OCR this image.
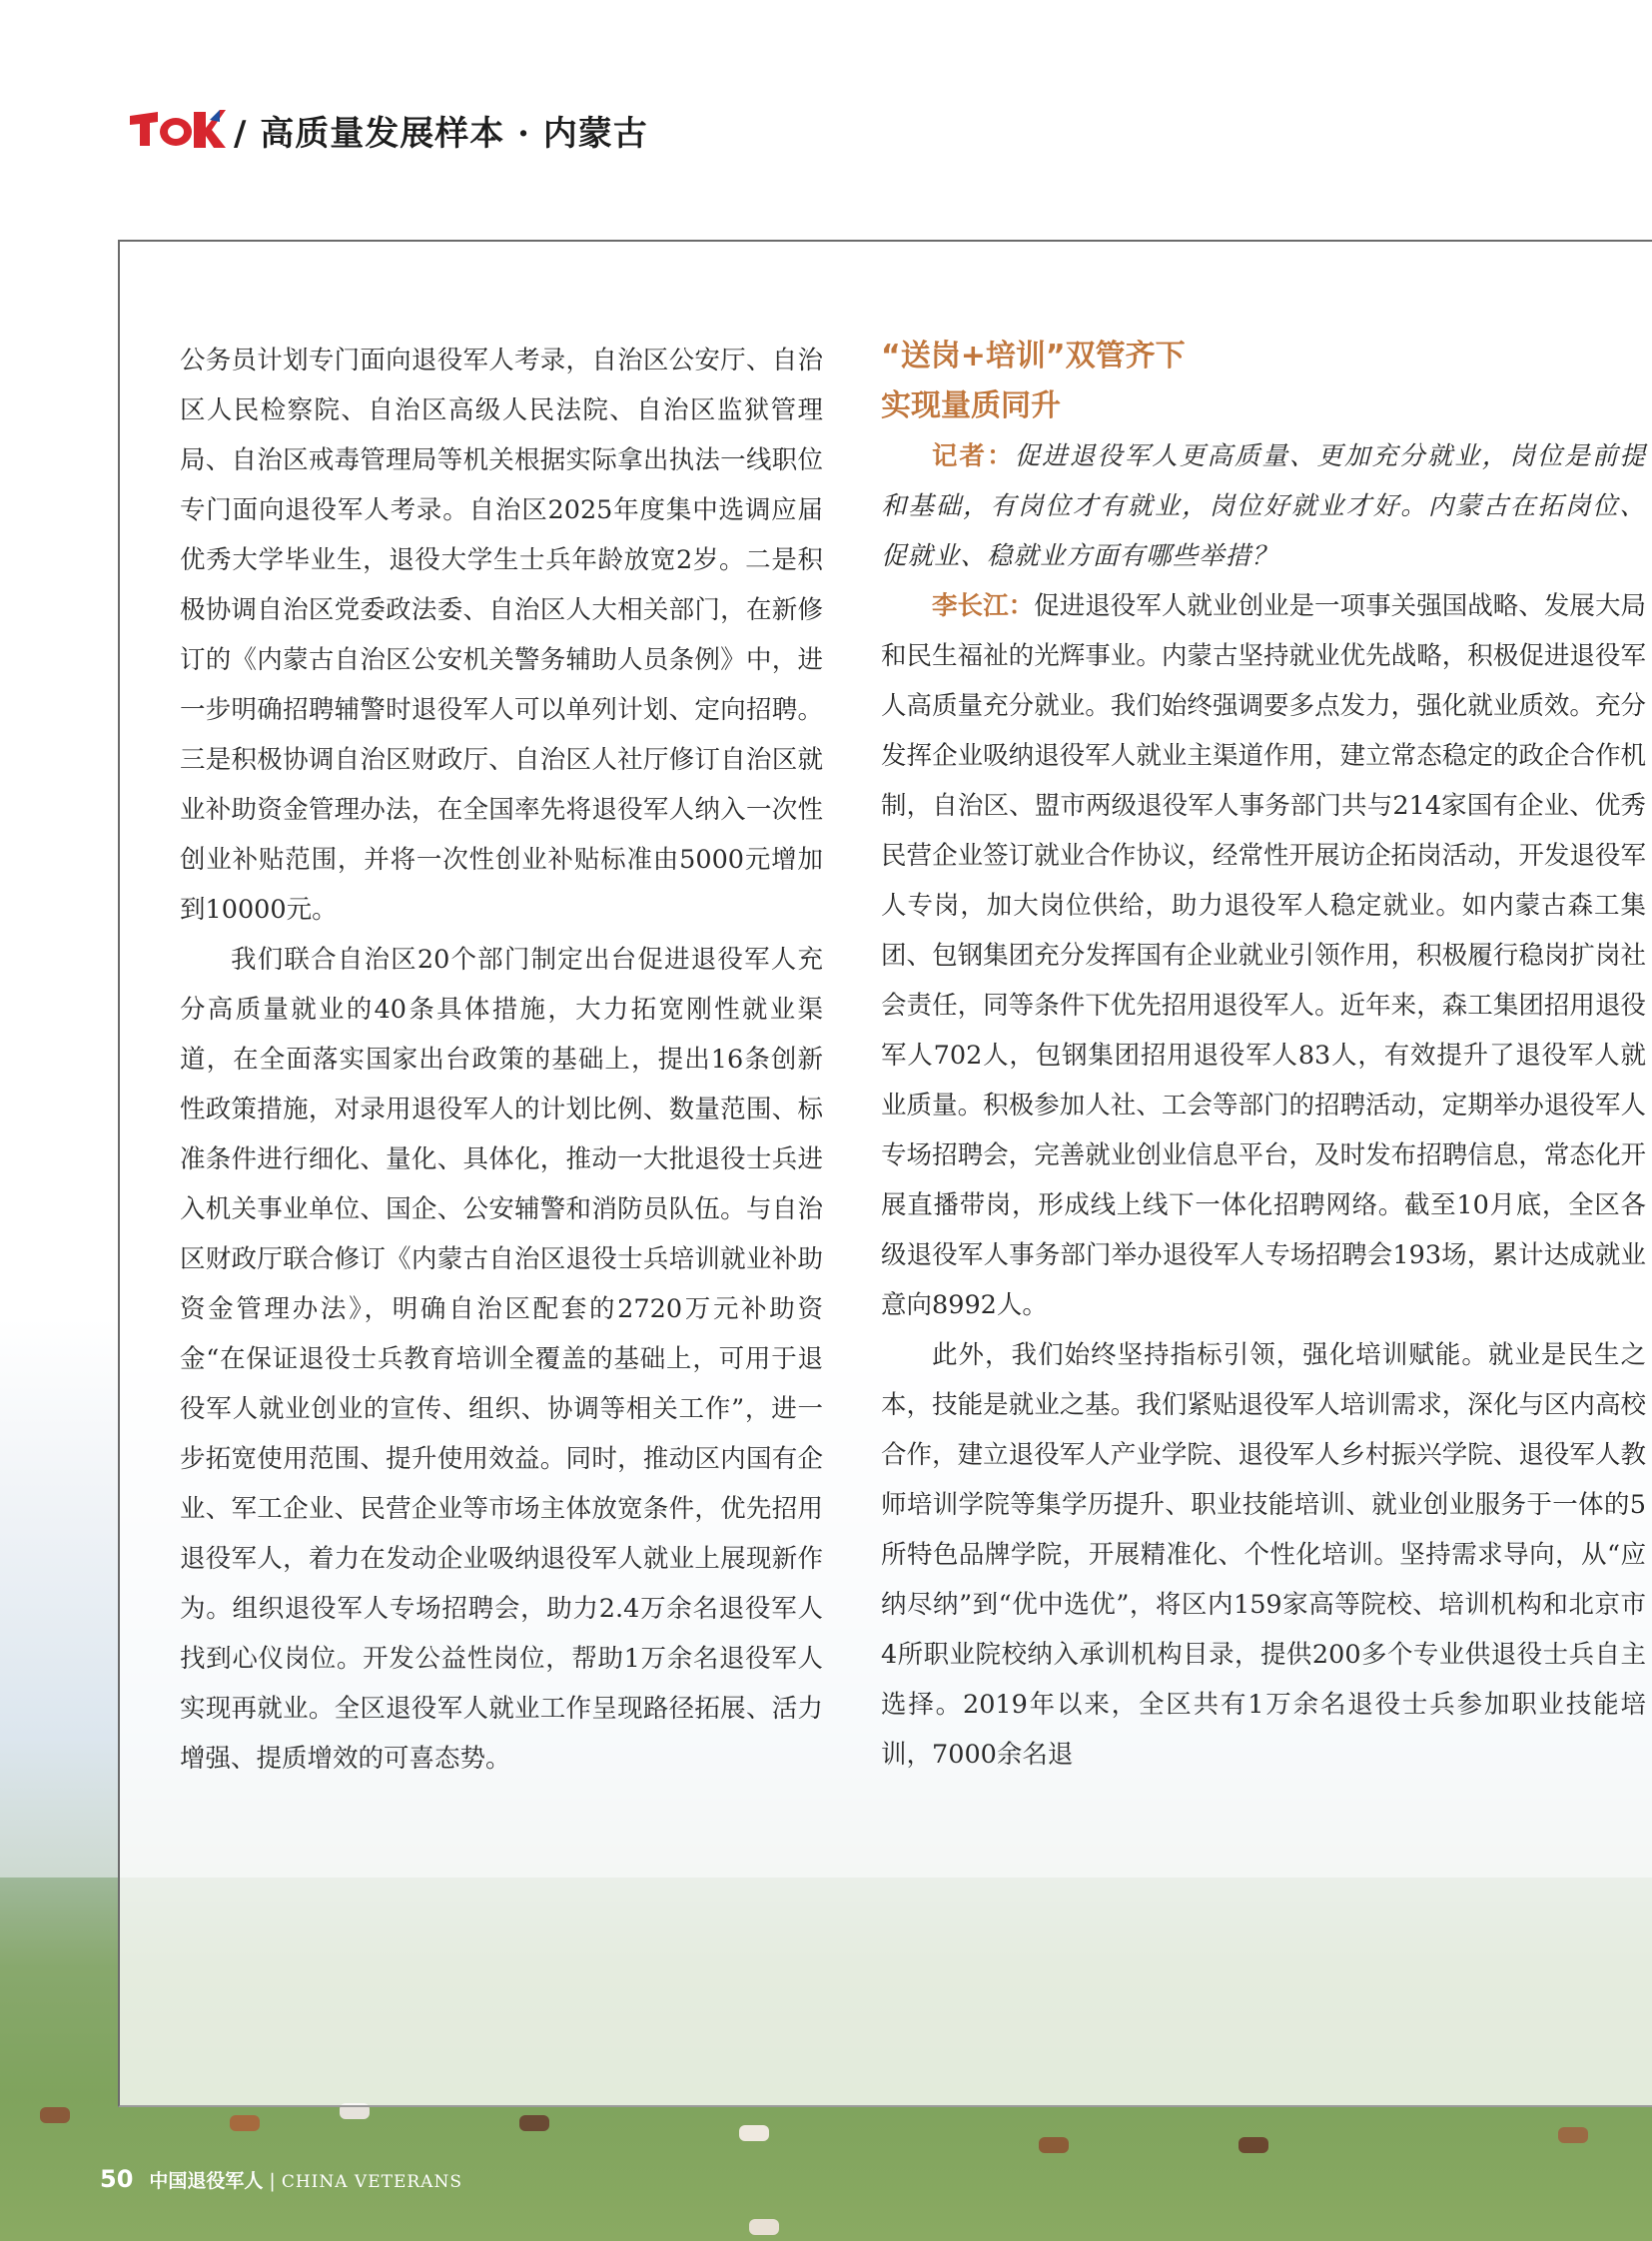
/ 高质量发展样本 · 内蒙古

公务员计划专门面向退役军人考录，自治区公安厅、自治区人民检察院、自治区高级人民法院、自治区监狱管理局、自治区戒毒管理局等机关根据实际拿出执法一线职位专门面向退役军人考录。自治区2025年度集中选调应届优秀大学毕业生，退役大学生士兵年龄放宽2岁。二是积极协调自治区党委政法委、自治区人大相关部门，在新修订的《内蒙古自治区公安机关警务辅助人员条例》中，进一步明确招聘辅警时退役军人可以单列计划、定向招聘。三是积极协调自治区财政厅、自治区人社厅修订自治区就业补助资金管理办法，在全国率先将退役军人纳入一次性创业补贴范围，并将一次性创业补贴标准由5000元增加到10000元。

我们联合自治区20个部门制定出台促进退役军人充分高质量就业的40条具体措施，大力拓宽刚性就业渠道，在全面落实国家出台政策的基础上，提出16条创新性政策措施，对录用退役军人的计划比例、数量范围、标准条件进行细化、量化、具体化，推动一大批退役士兵进入机关事业单位、国企、公安辅警和消防员队伍。与自治区财政厅联合修订《内蒙古自治区退役士兵培训就业补助资金管理办法》，明确自治区配套的2720万元补助资金“在保证退役士兵教育培训全覆盖的基础上，可用于退役军人就业创业的宣传、组织、协调等相关工作”，进一步拓宽使用范围、提升使用效益。同时，推动区内国有企业、军工企业、民营企业等市场主体放宽条件，优先招用退役军人，着力在发动企业吸纳退役军人就业上展现新作为。组织退役军人专场招聘会，助力2.4万余名退役军人找到心仪岗位。开发公益性岗位，帮助1万余名退役军人实现再就业。全区退役军人就业工作呈现路径拓展、活力增强、提质增效的可喜态势。

“送岗+培训”双管齐下

实现量质同升

记者：促进退役军人更高质量、更加充分就业，岗位是前提和基础，有岗位才有就业，岗位好就业才好。内蒙古在拓岗位、促就业、稳就业方面有哪些举措？

李长江：促进退役军人就业创业是一项事关强国战略、发展大局和民生福祉的光辉事业。内蒙古坚持就业优先战略，积极促进退役军人高质量充分就业。我们始终强调要多点发力，强化就业质效。充分发挥企业吸纳退役军人就业主渠道作用，建立常态稳定的政企合作机制，自治区、盟市两级退役军人事务部门共与214家国有企业、优秀民营企业签订就业合作协议，经常性开展访企拓岗活动，开发退役军人专岗，加大岗位供给，助力退役军人稳定就业。如内蒙古森工集团、包钢集团充分发挥国有企业就业引领作用，积极履行稳岗扩岗社会责任，同等条件下优先招用退役军人。近年来，森工集团招用退役军人702人，包钢集团招用退役军人83人，有效提升了退役军人就业质量。积极参加人社、工会等部门的招聘活动，定期举办退役军人专场招聘会，完善就业创业信息平台，及时发布招聘信息，常态化开展直播带岗，形成线上线下一体化招聘网络。截至10月底，全区各级退役军人事务部门举办退役军人专场招聘会193场，累计达成就业意向8992人。

此外，我们始终坚持指标引领，强化培训赋能。就业是民生之本，技能是就业之基。我们紧贴退役军人培训需求，深化与区内高校合作，建立退役军人产业学院、退役军人乡村振兴学院、退役军人教师培训学院等集学历提升、职业技能培训、就业创业服务于一体的5所特色品牌学院，开展精准化、个性化培训。坚持需求导向，从“应纳尽纳”到“优中选优”，将区内159家高等院校、培训机构和北京市4所职业院校纳入承训机构目录，提供200多个专业供退役士兵自主选择。2019年以来，全区共有1万余名退役士兵参加职业技能培训，7000余名退

50 中国退役军人 | CHINA VETERANS
